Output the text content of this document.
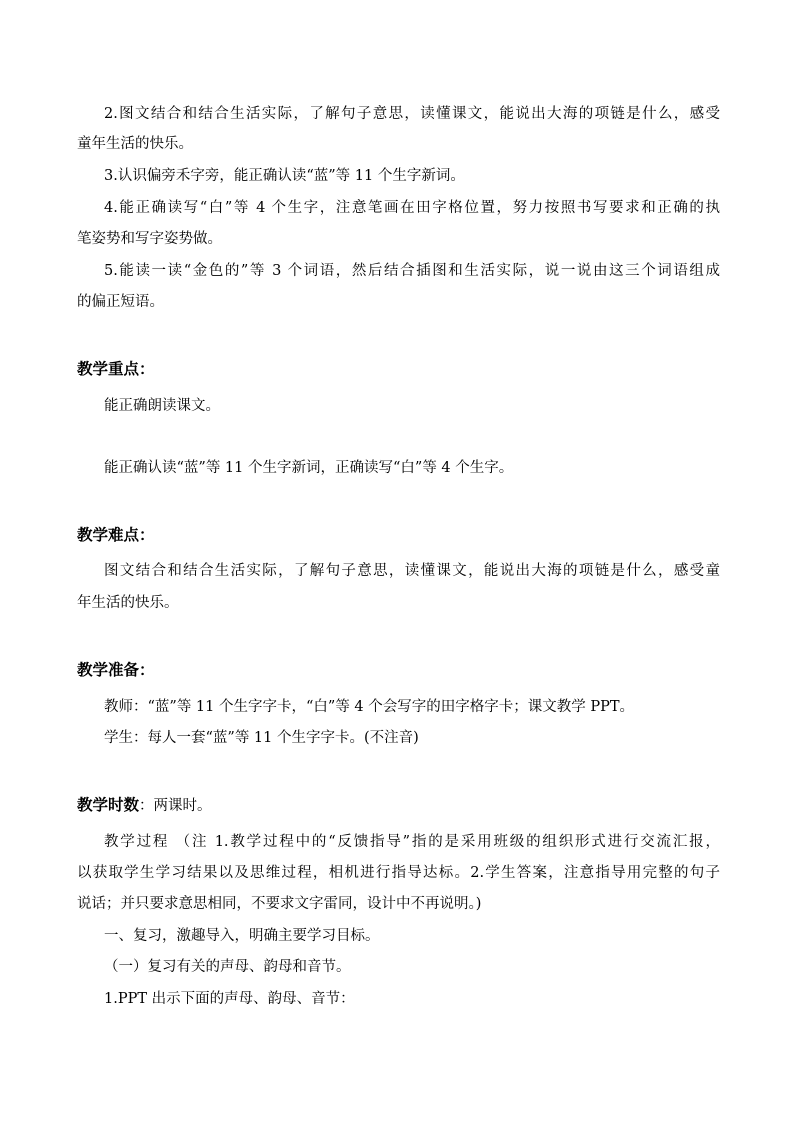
2.图文结合和结合生活实际，了解句子意思，读懂课文，能说出大海的项链是什么，感受
童年生活的快乐。
3.认识偏旁禾字旁，能正确认读“蓝”等 11 个生字新词。
4.能正确读写“白”等 4 个生字，注意笔画在田字格位置，努力按照书写要求和正确的执
笔姿势和写字姿势做。
5.能读一读“金色的”等 3 个词语，然后结合插图和生活实际，说一说由这三个词语组成
的偏正短语。
教学重点：
能正确朗读课文。
能正确认读“蓝”等 11 个生字新词，正确读写“白”等 4 个生字。
教学难点：
图文结合和结合生活实际，了解句子意思，读懂课文，能说出大海的项链是什么，感受童
年生活的快乐。
教学准备：
教师：“蓝”等 11 个生字字卡，“白”等 4 个会写字的田字格字卡；课文教学 PPT。
学生：每人一套“蓝”等 11 个生字字卡。(不注音)
教学时数：两课时。
教学过程 （注 1.教学过程中的“反馈指导”指的是采用班级的组织形式进行交流汇报，
以获取学生学习结果以及思维过程，相机进行指导达标。2.学生答案，注意指导用完整的句子
说话；并只要求意思相同，不要求文字雷同，设计中不再说明。)
一、复习，激趣导入，明确主要学习目标。
（一）复习有关的声母、韵母和音节。
1.PPT 出示下面的声母、韵母、音节：
